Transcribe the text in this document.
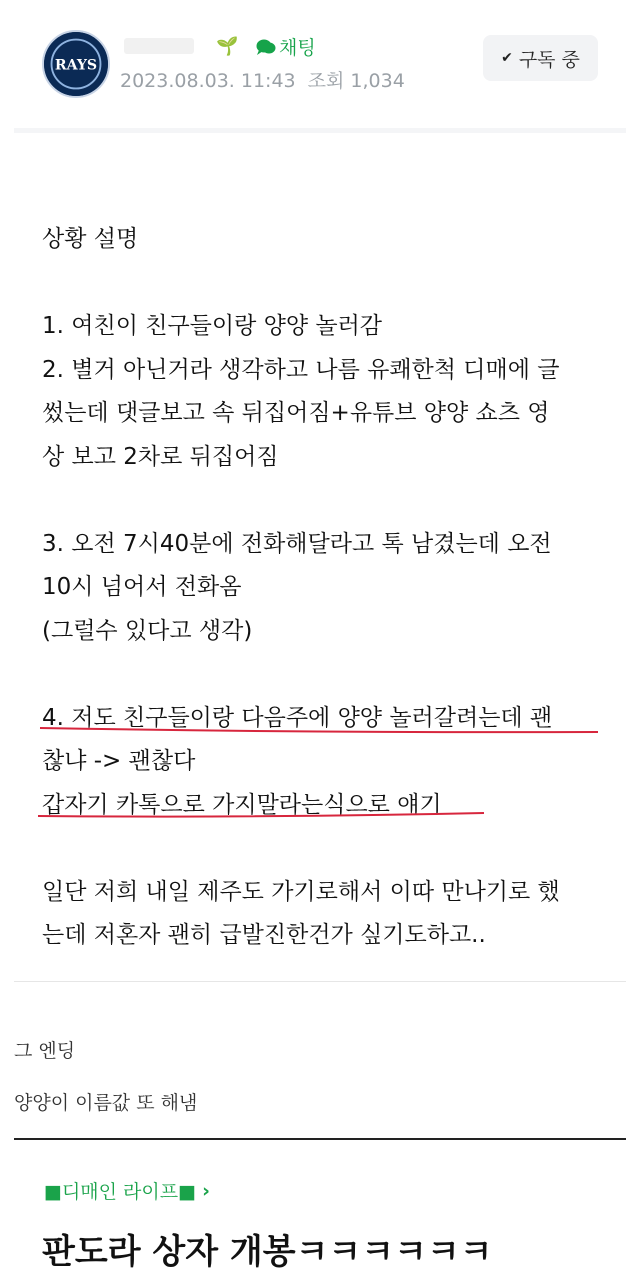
RAYS
🌱 채팅
2023.08.03. 11:43 조회 1,034
✔ 구독 중

상황 설명

1. 여친이 친구들이랑 양양 놀러감

2. 별거 아닌거라 생각하고 나름 유쾌한척 디매에 글

썼는데 댓글보고 속 뒤집어짐+유튜브 양양 쇼츠 영

상 보고 2차로 뒤집어짐

3. 오전 7시40분에 전화해달라고 톡 남겼는데 오전

10시 넘어서 전화옴

(그럴수 있다고 생각)

4. 저도 친구들이랑 다음주에 양양 놀러갈려는데 괜

찮냐 -> 괜찮다

갑자기 카톡으로 가지말라는식으로 얘기

일단 저희 내일 제주도 가기로해서 이따 만나기로 했

는데 저혼자 괜히 급발진한건가 싶기도하고..

그 엔딩
양양이 이름값 또 해냄
■디매인 라이프■ ›
판도라 상자 개봉ㅋㅋㅋㅋㅋㅋ
